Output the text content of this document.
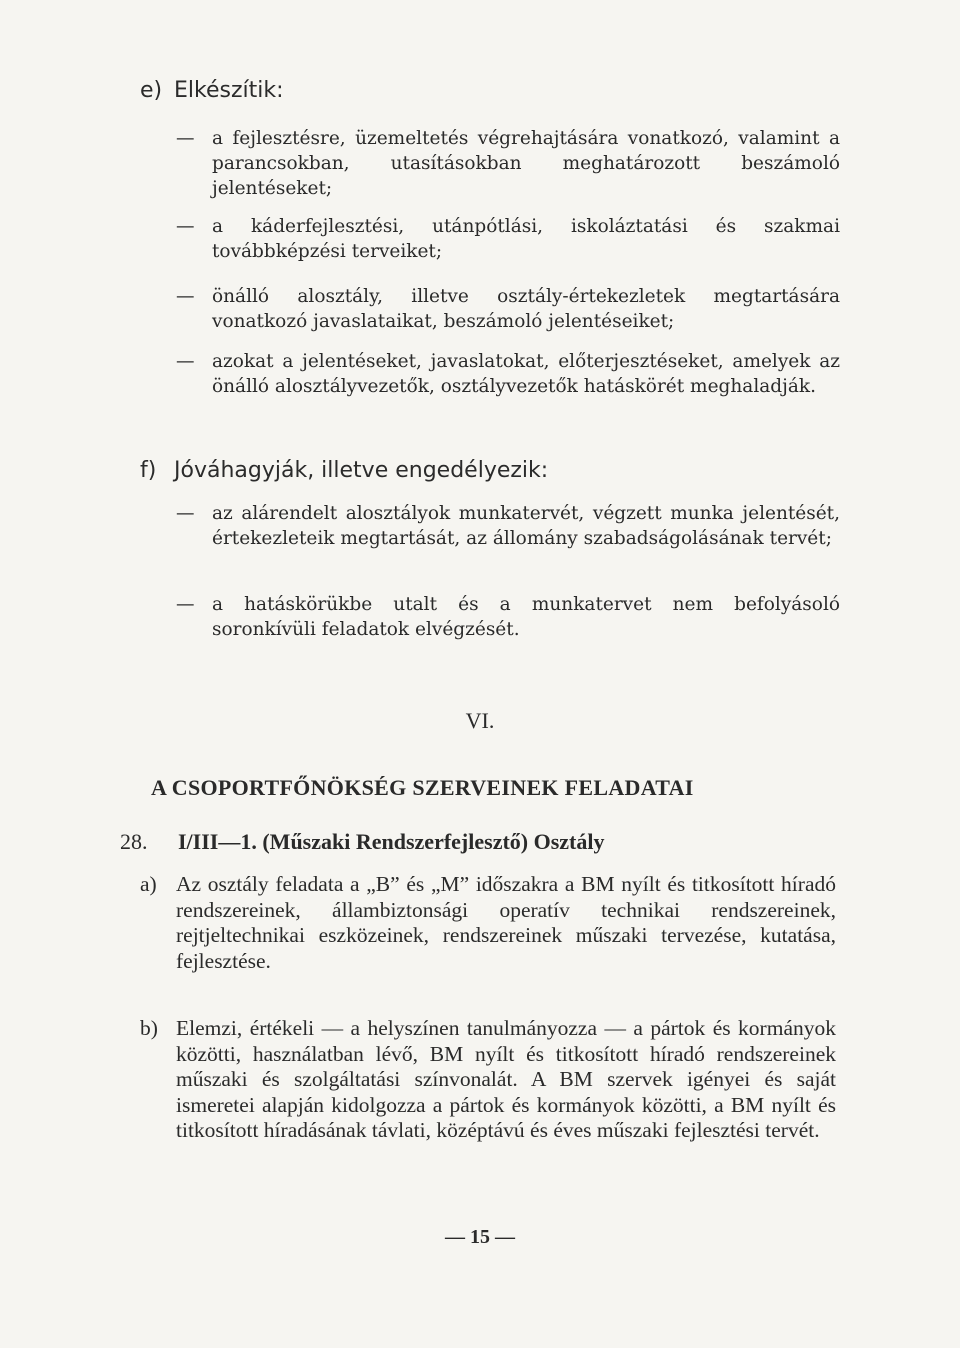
e) Elkészítik:
— a fejlesztésre, üzemeltetés végrehajtására vonatkozó, valamint a parancsokban, utasításokban meghatározott beszámoló jelentéseket;
— a káderfejlesztési, utánpótlási, iskoláztatási és szakmai továbbképzési terveiket;
— önálló alosztály, illetve osztály-értekezletek megtartására vonatkozó javaslataikat, beszámoló jelentéseiket;
— azokat a jelentéseket, javaslatokat, előterjesztéseket, amelyek az önálló alosztályvezetők, osztályvezetők hatáskörét meghaladják.
f) Jóváhagyják, illetve engedélyezik:
— az alárendelt alosztályok munkatervét, végzett munka jelentését, értekezleteik megtartását, az állomány szabadságolásának tervét;
— a hatáskörükbe utalt és a munkatervet nem befolyásoló soronkívüli feladatok elvégzését.
VI.
A CSOPORTFŐNÖKSÉG SZERVEINEK FELADATAI
28. I/III—1. (Műszaki Rendszerfejlesztő) Osztály
a) Az osztály feladata a „B” és „M” időszakra a BM nyílt és titkosított híradó rendszereinek, állambiztonsági operatív technikai rendszereinek, rejtjeltechnikai eszközeinek, rendszereinek műszaki tervezése, kutatása, fejlesztése.
b) Elemzi, értékeli — a helyszínen tanulmányozza — a pártok és kormányok közötti, használatban lévő, BM nyílt és titkosított híradó rendszereinek műszaki és szolgáltatási színvonalát. A BM szervek igényei és saját ismeretei alapján kidolgozza a pártok és kormányok közötti, a BM nyílt és titkosított híradásának távlati, középtávú és éves műszaki fejlesztési tervét.
— 15 —
